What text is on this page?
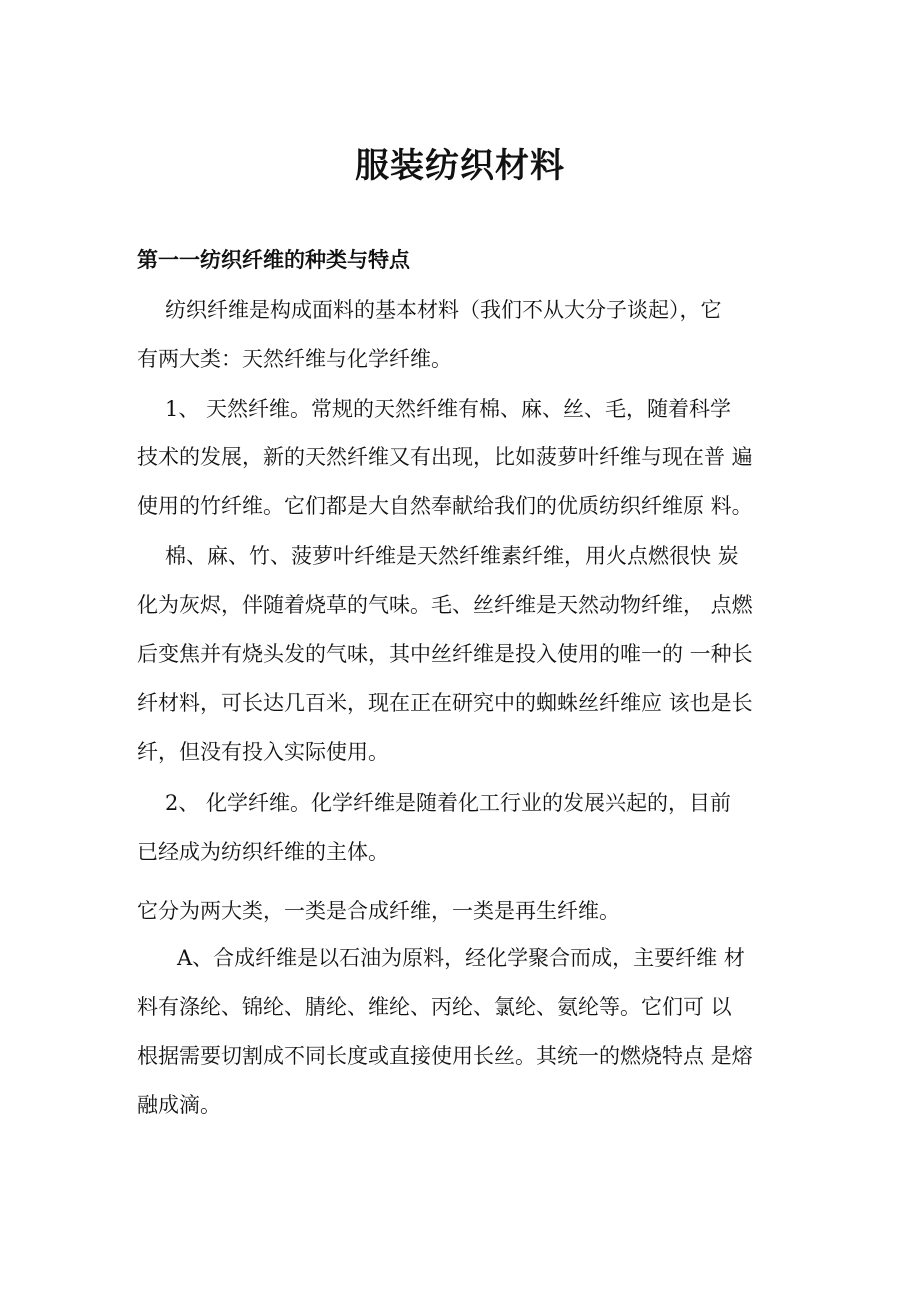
服装纺织材料
第一一纺织纤维的种类与特点
纺织纤维是构成面料的基本材料（我们不从大分子谈起），它
有两大类：天然纤维与化学纤维。
1、 天然纤维。常规的天然纤维有棉、麻、丝、毛，随着科学
技术的发展，新的天然纤维又有出现，比如菠萝叶纤维与现在普 遍
使用的竹纤维。它们都是大自然奉献给我们的优质纺织纤维原 料。
棉、麻、竹、菠萝叶纤维是天然纤维素纤维，用火点燃很快 炭
化为灰烬，伴随着烧草的气味。毛、丝纤维是天然动物纤维， 点燃
后变焦并有烧头发的气味，其中丝纤维是投入使用的唯一的 一种长
纤材料，可长达几百米，现在正在研究中的蜘蛛丝纤维应 该也是长
纤，但没有投入实际使用。
2、 化学纤维。化学纤维是随着化工行业的发展兴起的，目前
已经成为纺织纤维的主体。
它分为两大类，一类是合成纤维，一类是再生纤维。
A、合成纤维是以石油为原料，经化学聚合而成，主要纤维 材
料有涤纶、锦纶、腈纶、维纶、丙纶、氯纶、氨纶等。它们可 以
根据需要切割成不同长度或直接使用长丝。其统一的燃烧特点 是熔
融成滴。
